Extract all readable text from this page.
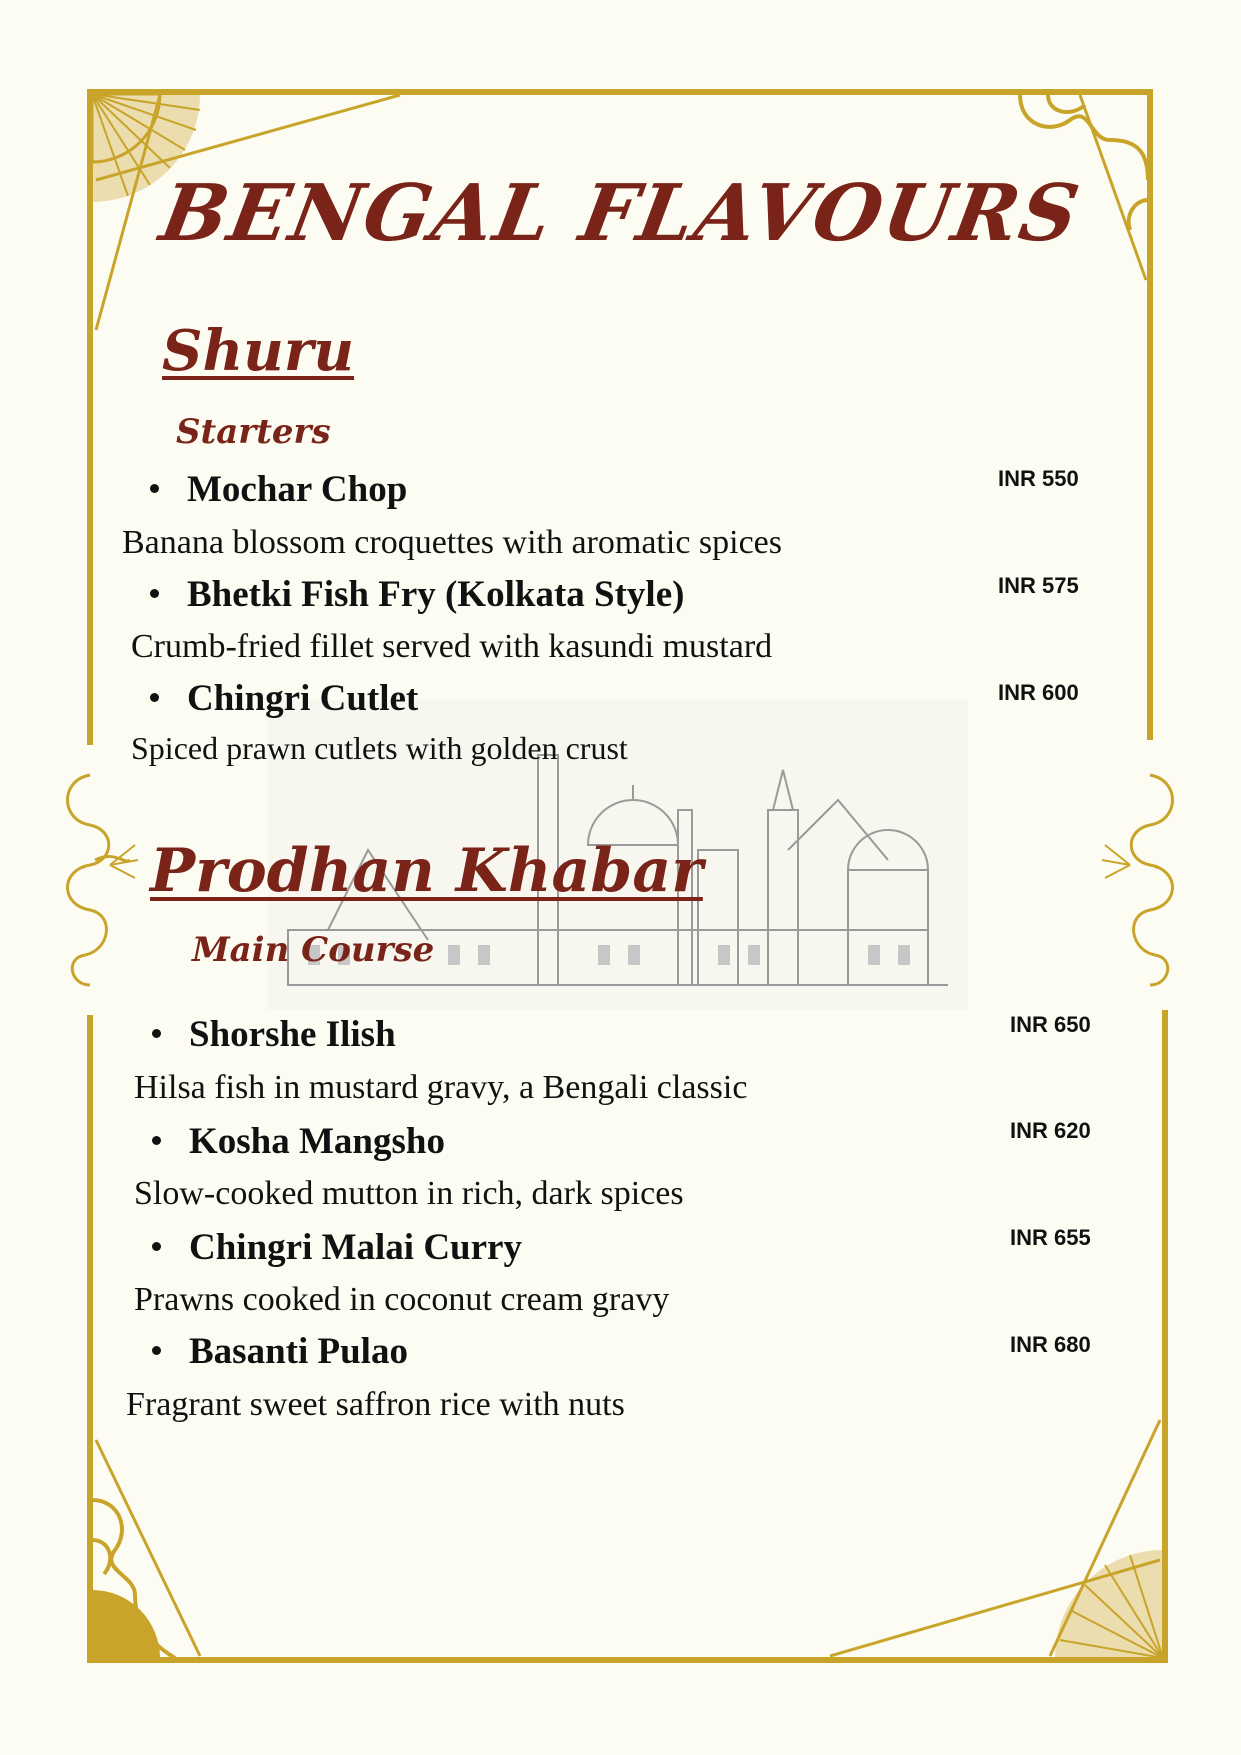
BENGAL FLAVOURS
Shuru
Starters
Mochar Chop	INR 550
Banana blossom croquettes with aromatic spices
Bhetki Fish Fry (Kolkata Style)	INR 575
Crumb-fried fillet served with kasundi mustard
Chingri Cutlet	INR 600
Spiced prawn cutlets with golden crust
Prodhan Khabar
Main Course
Shorshe Ilish	INR 650
Hilsa fish in mustard gravy, a Bengali classic
Kosha Mangsho	INR 620
Slow-cooked mutton in rich, dark spices
Chingri Malai Curry	INR 655
Prawns cooked in coconut cream gravy
Basanti Pulao	INR 680
Fragrant sweet saffron rice with nuts
